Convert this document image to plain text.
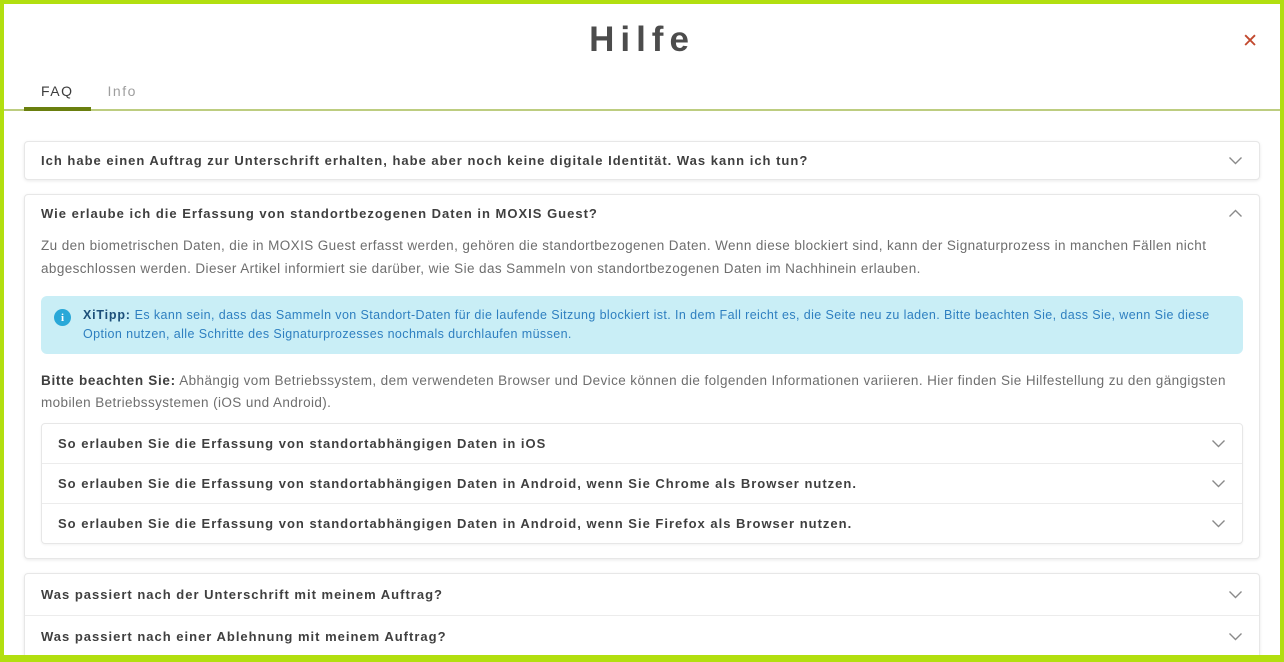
Hilfe	✕
FAQ	Info
Ich habe einen Auftrag zur Unterschrift erhalten, habe aber noch keine digitale Identität. Was kann ich tun?
Wie erlaube ich die Erfassung von standortbezogenen Daten in MOXIS Guest?

Zu den biometrischen Daten, die in MOXIS Guest erfasst werden, gehören die standortbezogenen Daten. Wenn diese blockiert sind, kann der Signaturprozess in manchen Fällen nicht abgeschlossen werden. Dieser Artikel informiert sie darüber, wie Sie das Sammeln von standortbezogenen Daten im Nachhinein erlauben.

i	XiTipp: Es kann sein, dass das Sammeln von Standort-Daten für die laufende Sitzung blockiert ist. In dem Fall reicht es, die Seite neu zu laden. Bitte beachten Sie, dass Sie, wenn Sie diese Option nutzen, alle Schritte des Signaturprozesses nochmals durchlaufen müssen.

Bitte beachten Sie: Abhängig vom Betriebssystem, dem verwendeten Browser und Device können die folgenden Informationen variieren. Hier finden Sie Hilfestellung zu den gängigsten mobilen Betriebssystemen (iOS und Android).

So erlauben Sie die Erfassung von standortabhängigen Daten in iOS
So erlauben Sie die Erfassung von standortabhängigen Daten in Android, wenn Sie Chrome als Browser nutzen.
So erlauben Sie die Erfassung von standortabhängigen Daten in Android, wenn Sie Firefox als Browser nutzen.
Was passiert nach der Unterschrift mit meinem Auftrag?
Was passiert nach einer Ablehnung mit meinem Auftrag?
